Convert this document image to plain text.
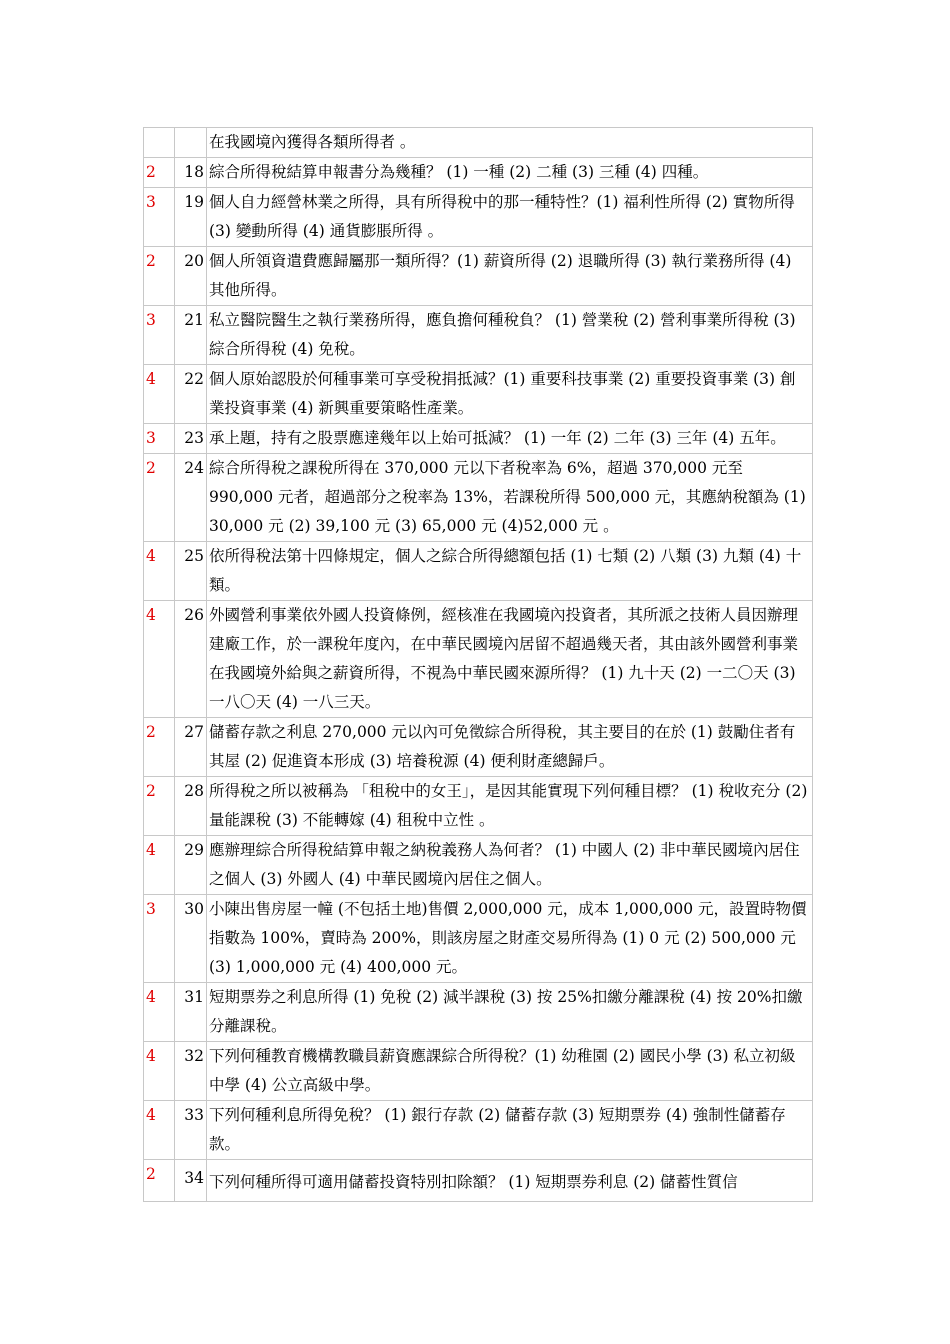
		在我國境內獲得各類所得者 。
2	18	綜合所得稅結算申報書分為幾種？ (1) 一種 (2) 二種 (3) 三種 (4) 四種。
3	19	個人自力經營林業之所得，具有所得稅中的那一種特性？(1) 福利性所得 (2) 實物所得 (3) 變動所得 (4) 通貨膨脹所得 。
2	20	個人所領資遣費應歸屬那一類所得？(1) 薪資所得 (2) 退職所得 (3) 執行業務所得 (4) 其他所得。
3	21	私立醫院醫生之執行業務所得，應負擔何種稅負？ (1) 營業稅 (2) 營利事業所得稅 (3) 綜合所得稅 (4) 免稅。
4	22	個人原始認股於何種事業可享受稅捐抵減？(1) 重要科技事業 (2) 重要投資事業 (3) 創業投資事業 (4) 新興重要策略性產業。
3	23	承上題，持有之股票應達幾年以上始可抵減？ (1) 一年 (2) 二年 (3) 三年 (4) 五年。
2	24	綜合所得稅之課稅所得在 370,000 元以下者稅率為 6%，超過 370,000 元至 990,000 元者，超過部分之稅率為 13%，若課稅所得 500,000 元，其應納稅額為 (1) 30,000 元 (2) 39,100 元 (3) 65,000 元 (4)52,000 元 。
4	25	依所得稅法第十四條規定，個人之綜合所得總額包括 (1) 七類 (2) 八類 (3) 九類 (4) 十類。
4	26	外國營利事業依外國人投資條例，經核准在我國境內投資者，其所派之技術人員因辦理建廠工作，於一課稅年度內，在中華民國境內居留不超過幾天者，其由該外國營利事業在我國境外給與之薪資所得，不視為中華民國來源所得？ (1) 九十天 (2) 一二〇天 (3) 一八〇天 (4) 一八三天。
2	27	儲蓄存款之利息 270,000 元以內可免徵綜合所得稅，其主要目的在於 (1) 鼓勵住者有其屋 (2) 促進資本形成 (3) 培養稅源 (4) 便利財產總歸戶。
2	28	所得稅之所以被稱為 「租稅中的女王」，是因其能實現下列何種目標？ (1) 稅收充分 (2) 量能課稅 (3) 不能轉嫁 (4) 租稅中立性 。
4	29	應辦理綜合所得稅結算申報之納稅義務人為何者？ (1) 中國人 (2) 非中華民國境內居住之個人 (3) 外國人 (4) 中華民國境內居住之個人。
3	30	小陳出售房屋一幢 (不包括土地)售價 2,000,000 元，成本 1,000,000 元，設置時物價指數為 100%，賣時為 200%，則該房屋之財產交易所得為 (1) 0 元 (2) 500,000 元 (3) 1,000,000 元 (4) 400,000 元。
4	31	短期票券之利息所得 (1) 免稅 (2) 減半課稅 (3) 按 25%扣繳分離課稅 (4) 按 20%扣繳分離課稅。
4	32	下列何種教育機構教職員薪資應課綜合所得稅？(1) 幼稚園 (2) 國民小學 (3) 私立初級中學 (4) 公立高級中學。
4	33	下列何種利息所得免稅？ (1) 銀行存款 (2) 儲蓄存款 (3) 短期票券 (4) 強制性儲蓄存款。
2	34	下列何種所得可適用儲蓄投資特別扣除額？ (1) 短期票券利息 (2) 儲蓄性質信
